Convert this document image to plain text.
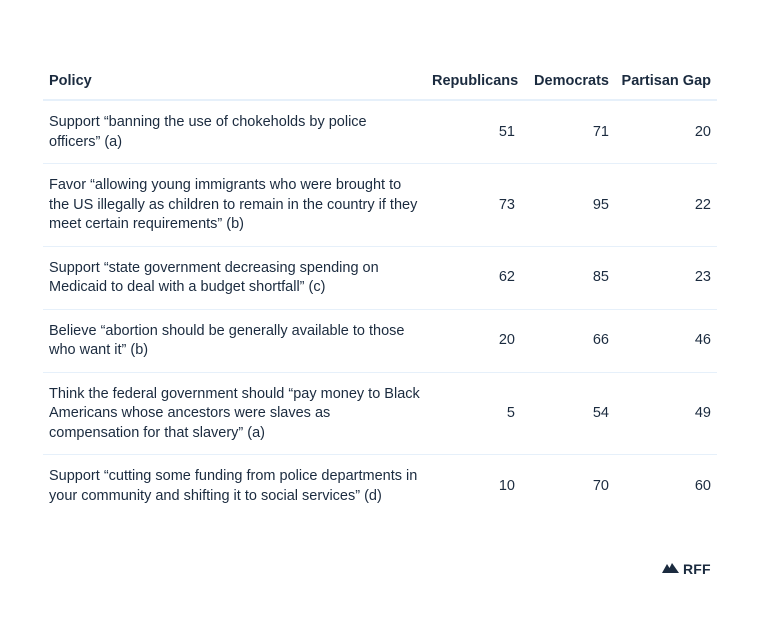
Policy	Republicans	Democrats	Partisan Gap
Support “banning the use of chokeholds by police officers” (a)	51	71	20
Favor “allowing young immigrants who were brought to the US illegally as children to remain in the country if they meet certain requirements” (b)	73	95	22
Support “state government decreasing spending on Medicaid to deal with a budget shortfall” (c)	62	85	23
Believe “abortion should be generally available to those who want it” (b)	20	66	46
Think the federal government should “pay money to Black Americans whose ancestors were slaves as compensation for that slavery” (a)	5	54	49
Support “cutting some funding from police departments in your community and shifting it to social services” (d)	10	70	60
RFF
